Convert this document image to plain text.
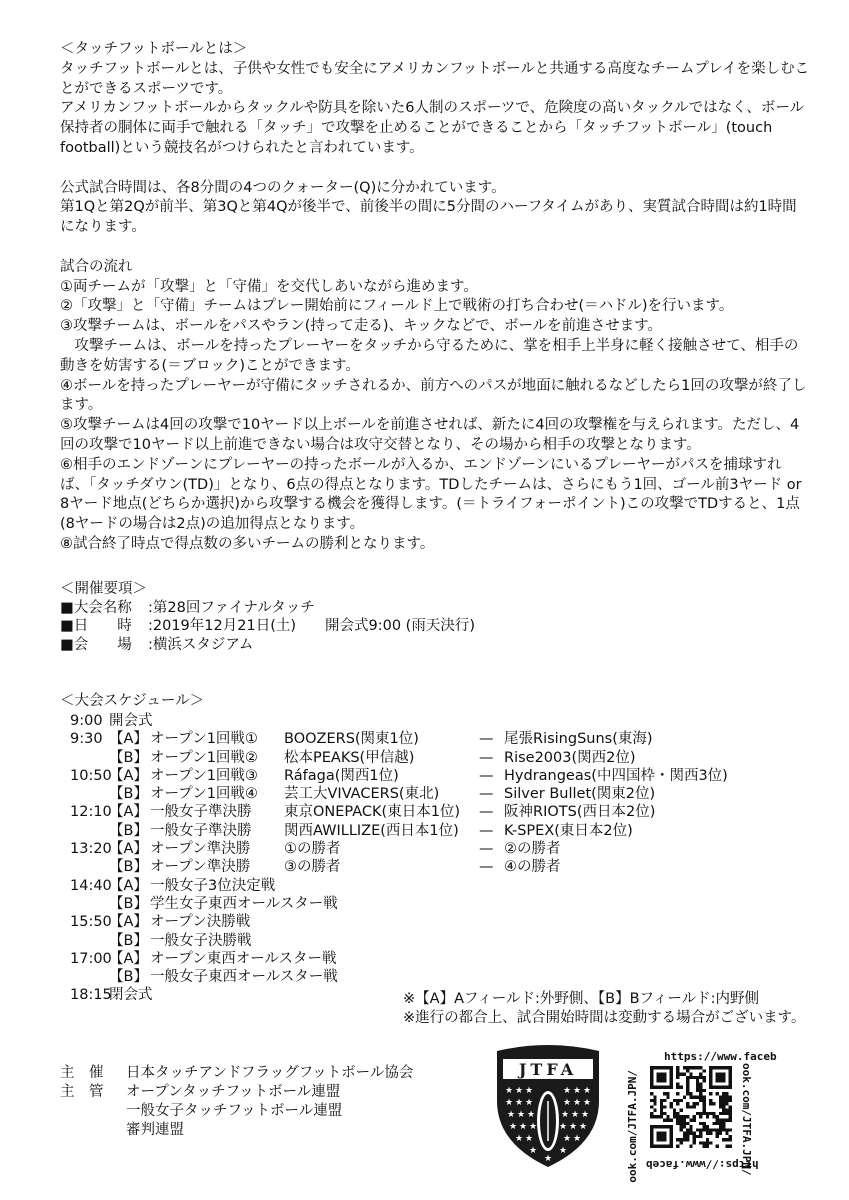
＜タッチフットボールとは＞

タッチフットボールとは、子供や女性でも安全にアメリカンフットボールと共通する高度なチームプレイを楽しむことができるスポーツです。

アメリカンフットボールからタックルや防具を除いた6人制のスポーツで、危険度の高いタックルではなく、ボール保持者の胴体に両手で触れる「タッチ」で攻撃を止めることができることから「タッチフットボール」(touch football)という競技名がつけられたと言われています。

公式試合時間は、各8分間の4つのクォーター(Q)に分かれています。

第1Qと第2Qが前半、第3Qと第4Qが後半で、前後半の間に5分間のハーフタイムがあり、実質試合時間は約1時間になります。

試合の流れ

①両チームが「攻撃」と「守備」を交代しあいながら進めます。
②「攻撃」と「守備」チームはプレー開始前にフィールド上で戦術の打ち合わせ(＝ハドル)を行います。
③攻撃チームは、ボールをパスやラン(持って走る)、キックなどで、ボールを前進させます。
　攻撃チームは、ボールを持ったプレーヤーをタッチから守るために、掌を相手上半身に軽く接触させて、相手の動きを妨害する(＝ブロック)ことができます。
④ボールを持ったプレーヤーが守備にタッチされるか、前方へのパスが地面に触れるなどしたら1回の攻撃が終了します。
⑤攻撃チームは4回の攻撃で10ヤード以上ボールを前進させれば、新たに4回の攻撃権を与えられます。ただし、4回の攻撃で10ヤード以上前進できない場合は攻守交替となり、その場から相手の攻撃となります。
⑥相手のエンドゾーンにプレーヤーの持ったボールが入るか、エンドゾーンにいるプレーヤーがパスを捕球すれば、「タッチダウン(TD)」となり、6点の得点となります。TDしたチームは、さらにもう1回、ゴール前3ヤード or 8ヤード地点(どちらか選択)から攻撃する機会を獲得します。(＝トライフォーポイント)この攻撃でTDすると、1点(8ヤードの場合は2点)の追加得点となります。
⑧試合終了時点で得点数の多いチームの勝利となります。
＜開催要項＞
■大会名称	:第28回ファイナルタッチ
■日　　時	:2019年12月21日(土)　　開会式9:00 (雨天決行)
■会　　場	:横浜スタジアム
＜大会スケジュール＞
9:00 開会式
9:30 【A】 オープン1回戦① BOOZERS(関東1位)	— 尾張RisingSuns(東海)
【B】 オープン1回戦② 松本PEAKS(甲信越)	— Rise2003(関西2位)
10:50
【A】 オープン1回戦③ Ráfaga(関西1位)	— Hydrangeas(中四国枠・関西3位)
【B】 オープン1回戦④ 芸工大VIVACERS(東北)	— Silver Bullet(関東2位)
12:10
【A】 一般女子準決勝 東京ONEPACK(東日本1位) — 阪神RIOTS(西日本2位)
【B】 一般女子準決勝 関西AWILLIZE(西日本1位) — K-SPEX(東日本2位)
13:20
【A】 オープン準決勝 ①の勝者	— ②の勝者
【B】 オープン準決勝 ③の勝者	— ④の勝者
14:40
【A】 一般女子3位決定戦
【B】 学生女子東西オールスター戦
15:50
【A】 オープン決勝戦
【B】 一般女子決勝戦
17:00
【A】 オープン東西オールスター戦
【B】 一般女子東西オールスター戦
18:15
閉会式	※【A】Aフィールド:外野側、【B】Bフィールド:内野側
※進行の都合上、試合開始時間は変動する場合がございます。
主　催	日本タッチアンドフラッグフットボール協会
主　管	オープンタッチフットボール連盟
一般女子タッチフットボール連盟
審判連盟
JTFA
★ ★ ★	★ ★ ★
★ ★ ★	★ ★ ★
★ ★ ★	★ ★ ★
★ ★ ★ ★ ★ ★
★ ★	★ ★
★ ★
★
https://www.faceb
ook.com/JTFA.JPN/
ook.com/JTFA.JPN/ https://www.faceb
